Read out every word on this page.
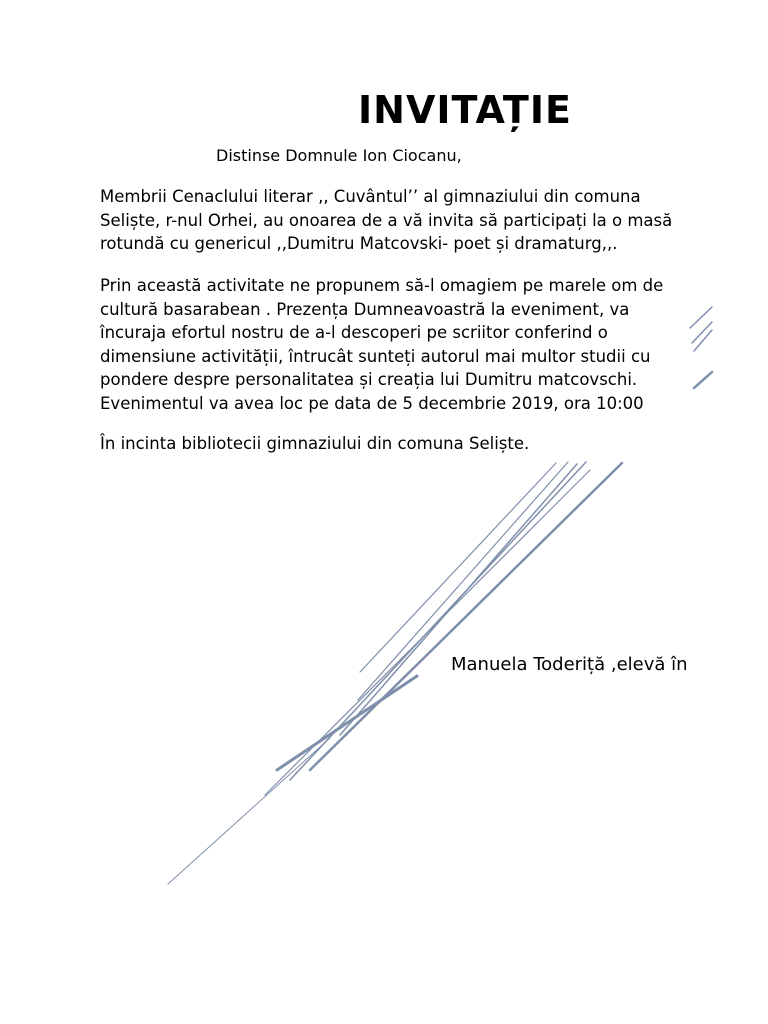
INVITAȚIE
Distinse Domnule Ion Ciocanu,

Membrii Cenaclului literar ,, Cuvântul’’ al gimnaziului din comuna Seliște, r-nul Orhei, au onoarea de a vă invita să participați la o masă rotundă cu genericul ,,Dumitru Matcovski- poet și dramaturg,,.

Prin această activitate ne propunem să-l omagiem pe marele om de cultură basarabean . Prezența Dumneavoastră la eveniment, va încuraja efortul nostru de a-l descoperi pe scriitor conferind o dimensiune activității, întrucât sunteți autorul mai multor studii cu pondere despre personalitatea și creația lui Dumitru matcovschi. Evenimentul va avea loc pe data de 5 decembrie 2019, ora 10:00

În incinta bibliotecii gimnaziului din comuna Seliște.

Manuela Toderiță ,elevă în
